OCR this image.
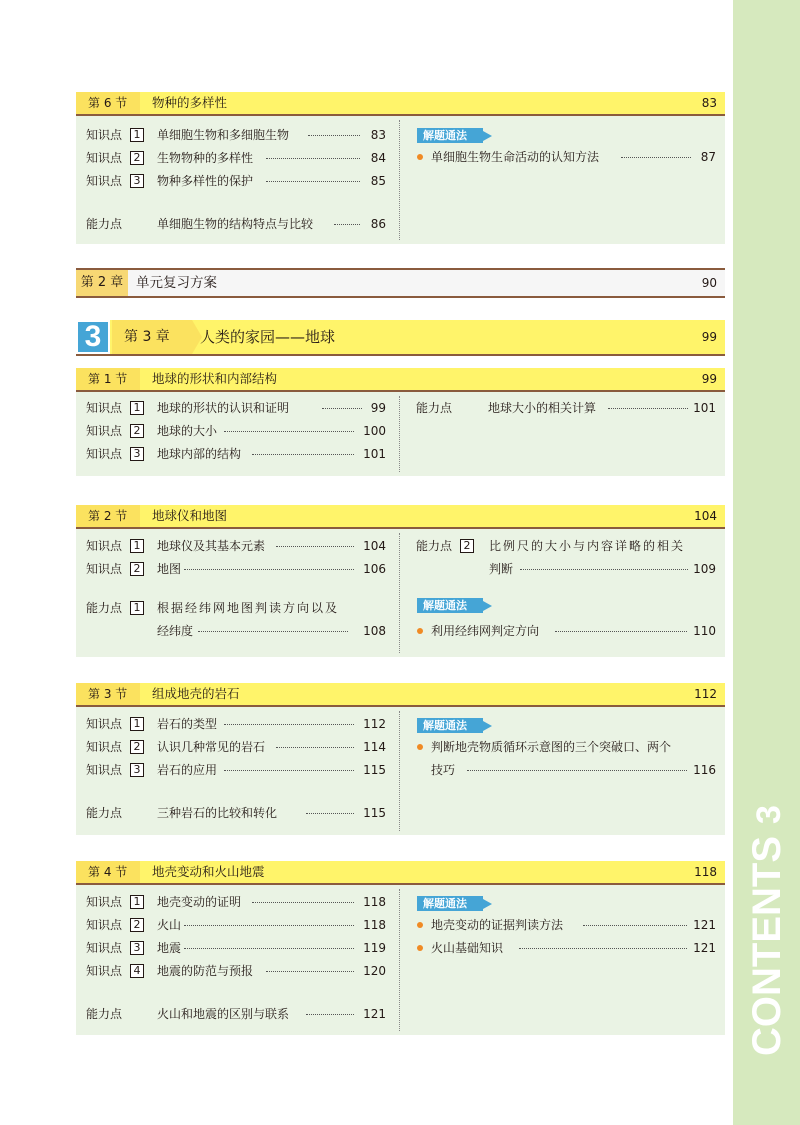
CONTENTS3
第 6 节	物种的多样性	83
知识点	1 单细胞生物和多细胞生物	83
知识点	2 生物物种的多样性	84
知识点	3 物种多样性的保护	85
能力点	单细胞生物的结构特点与比较	86
解题通法
单细胞生物生命活动的认知方法	87
第 2 章 单元复习方案	90
3	第 3 章	人类的家园——地球	99
第 1 节	地球的形状和内部结构	99
知识点	1 地球的形状的认识和证明	99
知识点	2 地球的大小	100
知识点	3 地球内部的结构	101
能力点	地球大小的相关计算	101
第 2 节	地球仪和地图	104
知识点	1 地球仪及其基本元素	104
知识点	2 地图	106
能力点	1 根据经纬网地图判读方向以及
经纬度	108
能力点	2 比例尺的大小与内容详略的相关
判断	109
解题通法
利用经纬网判定方向	110
第 3 节	组成地壳的岩石	112
知识点	1 岩石的类型	112
知识点	2 认识几种常见的岩石	114
知识点	3 岩石的应用	115
能力点	三种岩石的比较和转化	115
解题通法
判断地壳物质循环示意图的三个突破口、两个
技巧	116
第 4 节	地壳变动和火山地震	118
知识点	1 地壳变动的证明	118
知识点	2 火山	118
知识点	3 地震	119
知识点	4 地震的防范与预报	120
能力点	火山和地震的区别与联系	121
解题通法
地壳变动的证据判读方法	121
火山基础知识	121
